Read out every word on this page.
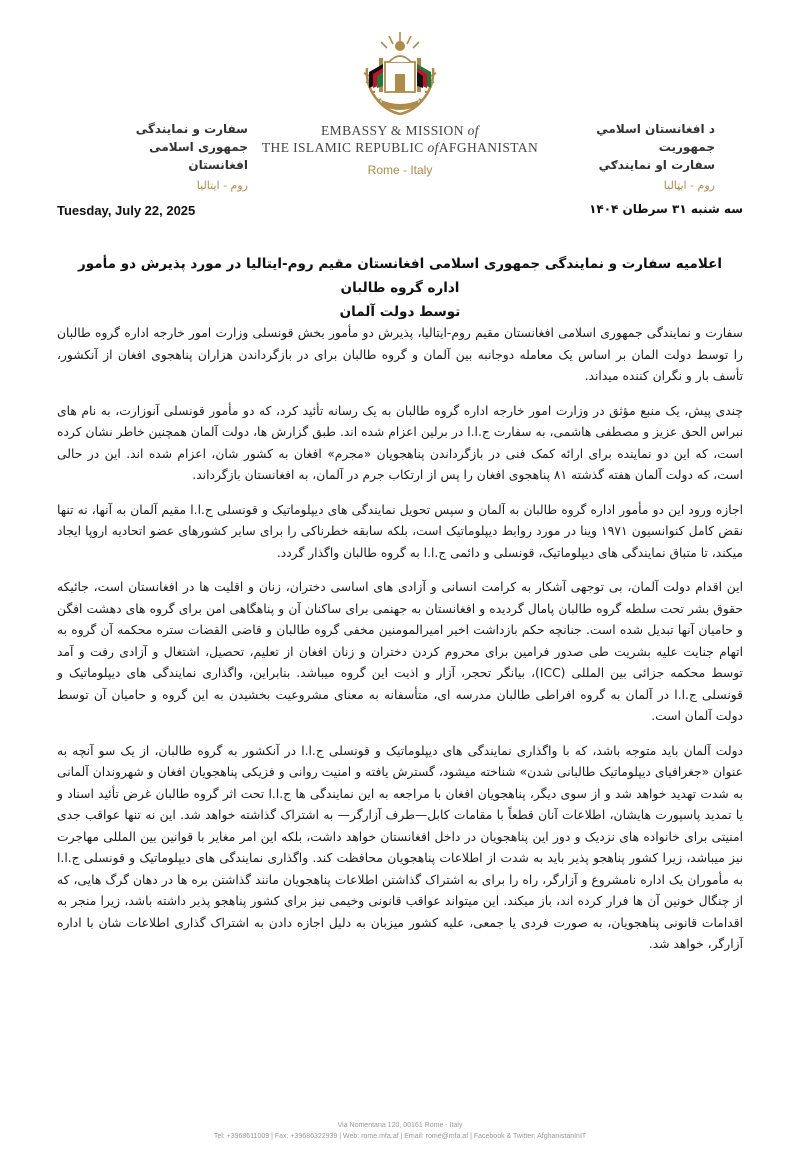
سفارت و نمایندگی
جمهوری اسلامی افغانستان
روم - ایتالیا
EMBASSY & MISSION of
THE ISLAMIC REPUBLIC ofAFGHANISTAN
Rome - Italy
د افغانستان اسلامي جمهوریت
سفارت او نمایندګي
روم - ایټالیا
Tuesday, July 22, 2025	سه شنبه ۳۱ سرطان ۱۴۰۴
اعلامیه سفارت و نمایندگی جمهوری اسلامی افغانستان مقیم روم-ایتالیا در مورد پذیرش دو مأمور اداره گروه طالبان
توسط دولت آلمان

سفارت و نمایندگی جمهوری اسلامی افغانستان مقیم روم-ایتالیا، پذیرش دو مأمور بخش قونسلی وزارت امور خارجه اداره گروه طالبان را توسط دولت المان بر اساس یک معامله دوجانبه بین آلمان و گروه طالبان برای در بازگرداندن هزاران پناهجوی افغان از آنکشور، تأسف بار و نگران کننده میداند.

چندی پیش، یک منبع مؤثق در وزارت امور خارجه اداره گروه طالبان به یک رسانه تأئید کرد، که دو مأمور قونسلی آنوزارت، به نام های نبراس الحق عزیز و مصطفی هاشمی، به سفارت ج.ا.ا در برلین اعزام شده اند. طبق گزارش ها، دولت آلمان همچنین خاطر نشان کرده است، که این دو نماینده برای ارائه کمک فنی در بازگرداندن پناهجویان «مجرم» افغان به کشور شان، اعزام شده اند. این در حالی است، که دولت آلمان هفته گذشته ۸۱ پناهجوی افغان را پس از ارتکاب جرم در آلمان، به افغانستان بازگرداند.

اجازه ورود این دو مأمور اداره گروه طالبان به آلمان و سپس تحویل نمایندگی های دیپلوماتیک و قونسلی ج.ا.ا مقیم آلمان به آنها، نه تنها نقض کامل کنوانسیون ۱۹۷۱ وینا در مورد روابط دیپلوماتیک است، بلکه سابقه خطرناکی را برای سایر کشورهای عضو اتحادیه اروپا ایجاد میکند، تا متباق نمایندگی های دیپلوماتیک، قونسلی و دائمی ج.ا.ا به گروه طالبان واگذار گردد.

این اقدام دولت آلمان، بی توجهی آشکار به کرامت انسانی و آزادی های اساسی دختران، زنان و اقلیت ها در افغانستان است، جائیکه حقوق بشر تحت سلطه گروه طالبان پامال گردیده و افغانستان به جهنمی برای ساکنان آن و پناهگاهی امن برای گروه های دهشت افگن و حامیان آنها تبدیل شده است. جنانچه حکم بازداشت اخیر امیرالمومنین مخفی گروه طالبان و قاضی القضات ستره محکمه آن گروه به اتهام جنایت علیه بشریت طی صدور فرامین برای محروم کردن دختران و زنان افغان از تعلیم، تحصیل، اشتغال و آزادی رفت و آمد توسط محکمه جزائی بین المللی (ICC)، بیانگر تحجر، آزار و اذیت این گروه میباشد. بنابراین، واگذاری نمایندگی های دیپلوماتیک و قونسلی ج.ا.ا در آلمان به گروه افراطی طالبان مدرسه ای، متأسفانه به معنای مشروعیت بخشیدن به این گروه و حامیان آن توسط دولت آلمان است.

دولت آلمان باید متوجه باشد، که با واگذاری نمایندگی های دیپلوماتیک و قونسلی ج.ا.ا در آنکشور به گروه طالبان، از یک سو آنچه به عنوان «جغرافیای دیپلوماتیک طالبانی شدن» شناخته میشود، گسترش یافته و امنیت روانی و فزیکی پناهجویان افغان و شهروندان آلمانی به شدت تهدید خواهد شد و از سوی دیگر، پناهجویان افغان با مراجعه به این نمایندگی ها ج.ا.ا تحت اثر گروه طالبان غرض تأئید اسناد و یا تمدید پاسپورت هایشان، اطلاعات آنان قطعاً با مقامات کابل—طرف آزارگر— به اشتراک گذاشته خواهد شد. این نه تنها عواقب جدی امنیتی برای خانواده های نزدیک و دور این پناهجویان در داخل افغانستان خواهد داشت، بلکه این امر مغایر با قوانین بین المللی مهاجرت نیز میباشد، زیرا کشور پناهجو پذیر باید به شدت از اطلاعات پناهجویان محافظت کند. واگذاری نمایندگی های دیپلوماتیک و قونسلی ج.ا.ا به مأموران یک اداره نامشروع و آزارگر، راه را برای به اشتراک گذاشتن اطلاعات پناهجویان مانند گذاشتن بره ها در دهان گرگ هایی، که از چنگال خونین آن ها فرار کرده اند، باز میکند. این میتواند عواقب قانونی وخیمی نیز برای کشور پناهجو پذیر داشته باشد، زیرا منجر به اقدامات قانونی پناهجویان، به صورت فردی یا جمعی، علیه کشور میزبان به دلیل اجازه دادن به اشتراک گذاری اطلاعات شان با اداره آزارگر، خواهد شد.

Via Nomentana 120, 00161 Rome - Italy
Tel: +3968611009 | Fax: +39686322939 | Web: rome.mfa.af | Email: rome@mfa.af | Facebook & Twitter: AfghanistanInIT
